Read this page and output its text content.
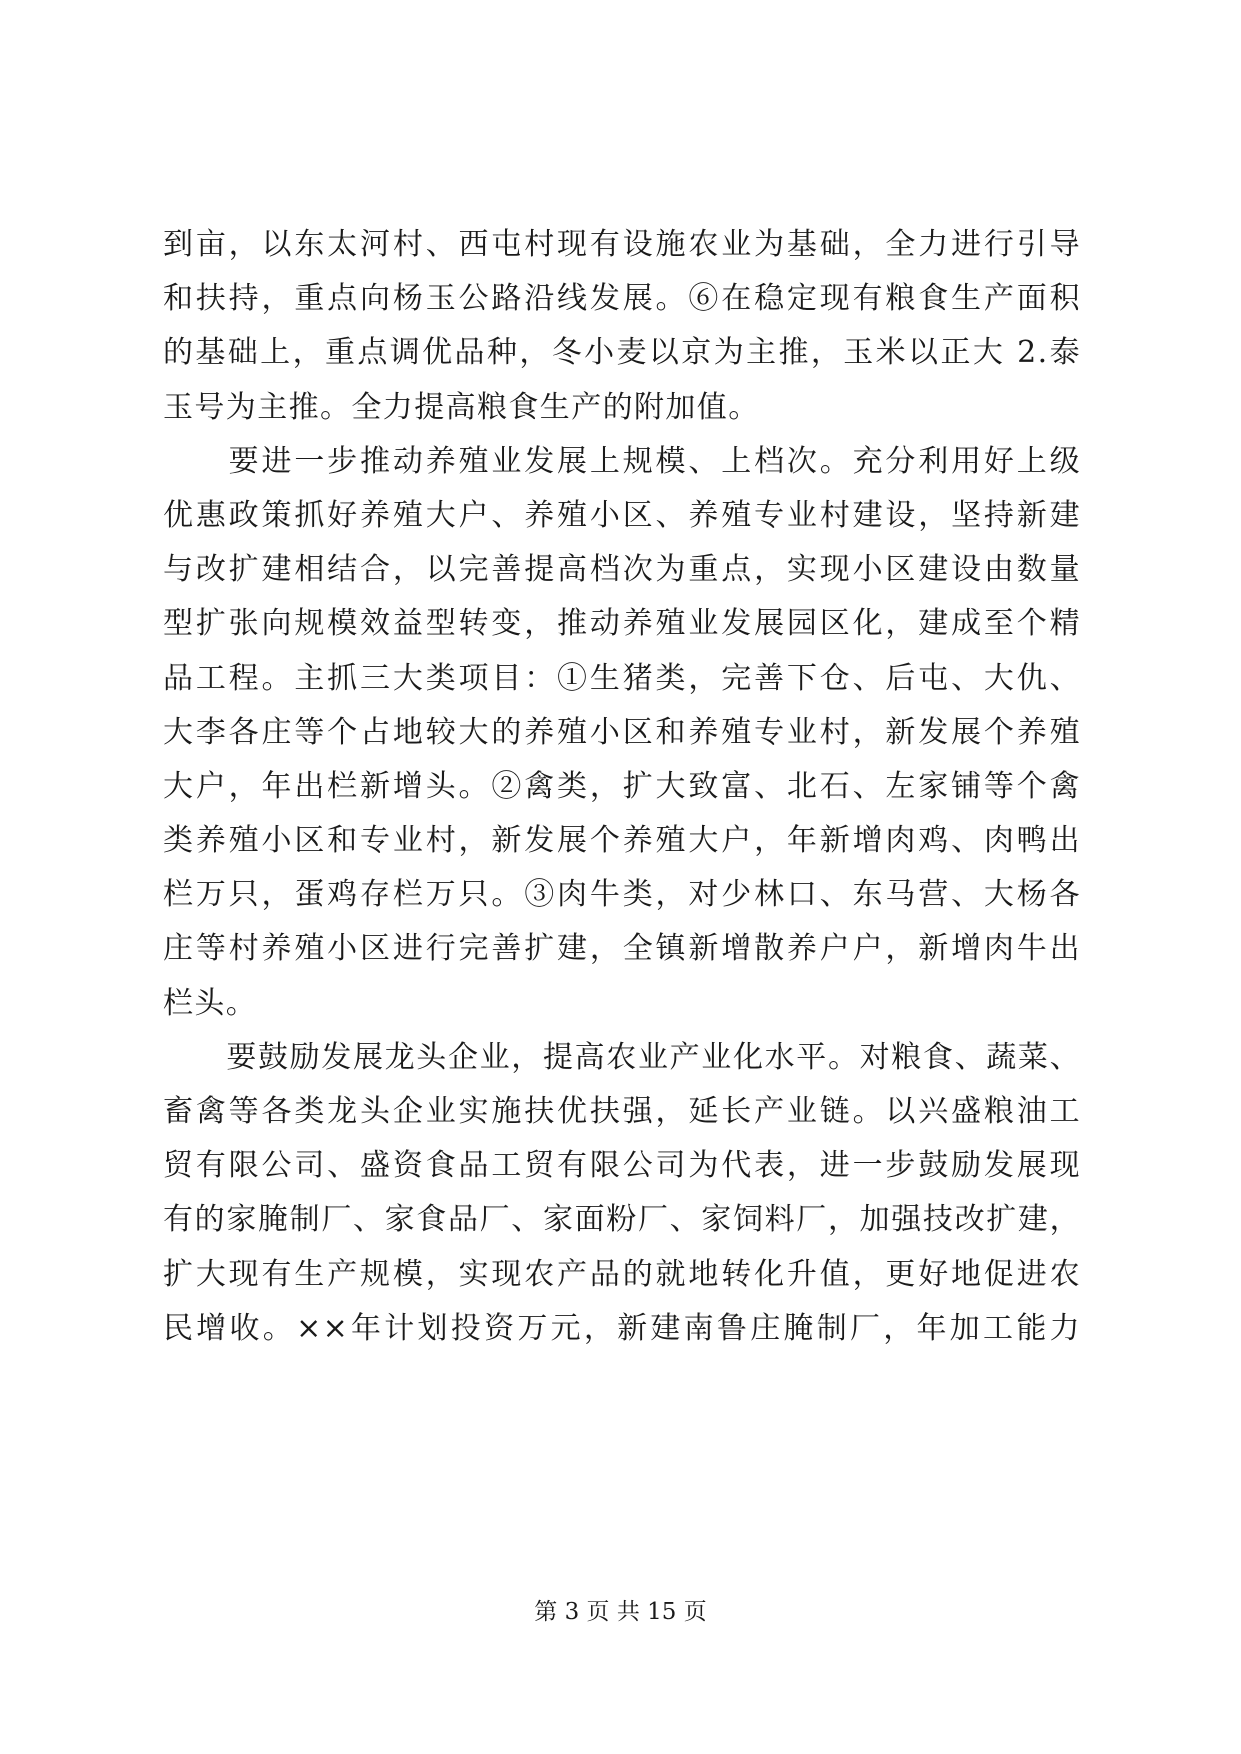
到亩，以东太河村、西屯村现有设施农业为基础，全力进行引导
和扶持，重点向杨玉公路沿线发展。⑥在稳定现有粮食生产面积
的基础上，重点调优品种，冬小麦以京为主推，玉米以正大 2.泰
玉号为主推。全力提高粮食生产的附加值。
　　要进一步推动养殖业发展上规模、上档次。充分利用好上级
优惠政策抓好养殖大户、养殖小区、养殖专业村建设，坚持新建
与改扩建相结合，以完善提高档次为重点，实现小区建设由数量
型扩张向规模效益型转变，推动养殖业发展园区化，建成至个精
品工程。主抓三大类项目：①生猪类，完善下仓、后屯、大仇、
大李各庄等个占地较大的养殖小区和养殖专业村，新发展个养殖
大户，年出栏新增头。②禽类，扩大致富、北石、左家铺等个禽
类养殖小区和专业村，新发展个养殖大户，年新增肉鸡、肉鸭出
栏万只，蛋鸡存栏万只。③肉牛类，对少林口、东马营、大杨各
庄等村养殖小区进行完善扩建，全镇新增散养户户，新增肉牛出
栏头。
　　要鼓励发展龙头企业，提高农业产业化水平。对粮食、蔬菜、
畜禽等各类龙头企业实施扶优扶强，延长产业链。以兴盛粮油工
贸有限公司、盛资食品工贸有限公司为代表，进一步鼓励发展现
有的家腌制厂、家食品厂、家面粉厂、家饲料厂，加强技改扩建，
扩大现有生产规模，实现农产品的就地转化升值，更好地促进农
民增收。××年计划投资万元，新建南鲁庄腌制厂，年加工能力
第 3 页 共 15 页
